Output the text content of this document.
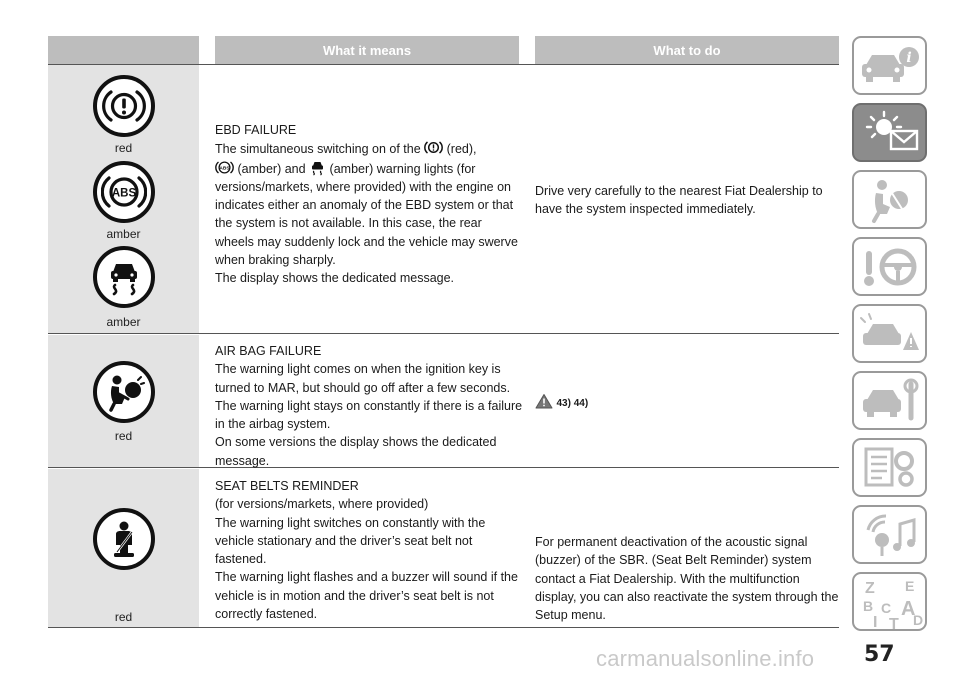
What it means	What to do
red
ABS
amber
amber
EBD FAILURE
The simultaneous switching on of the (red),
ABS (amber) and (amber) warning lights (for
versions/markets, where provided) with the engine on
indicates either an anomaly of the EBD system or that
the system is not available. In this case, the rear
wheels may suddenly lock and the vehicle may swerve
when braking sharply.
The display shows the dedicated message.
Drive very carefully to the nearest Fiat Dealership to
have the system inspected immediately.
red
AIR BAG FAILURE
The warning light comes on when the ignition key is
turned to MAR, but should go off after a few seconds.
The warning light stays on constantly if there is a failure
in the airbag system.
On some versions the display shows the dedicated
message.
43) 44)
red
SEAT BELTS REMINDER
(for versions/markets, where provided)
The warning light switches on constantly with the
vehicle stationary and the driver’s seat belt not
fastened.
The warning light flashes and a buzzer will sound if the
vehicle is in motion and the driver’s seat belt is not
correctly fastened.
For permanent deactivation of the acoustic signal
(buzzer) of the SBR. (Seat Belt Reminder) system
contact a Fiat Dealership. With the multifunction
display, you can also reactivate the system through the
Setup menu.
i
Z E
B A
C
D
I T
carmanualsonline.info 57
